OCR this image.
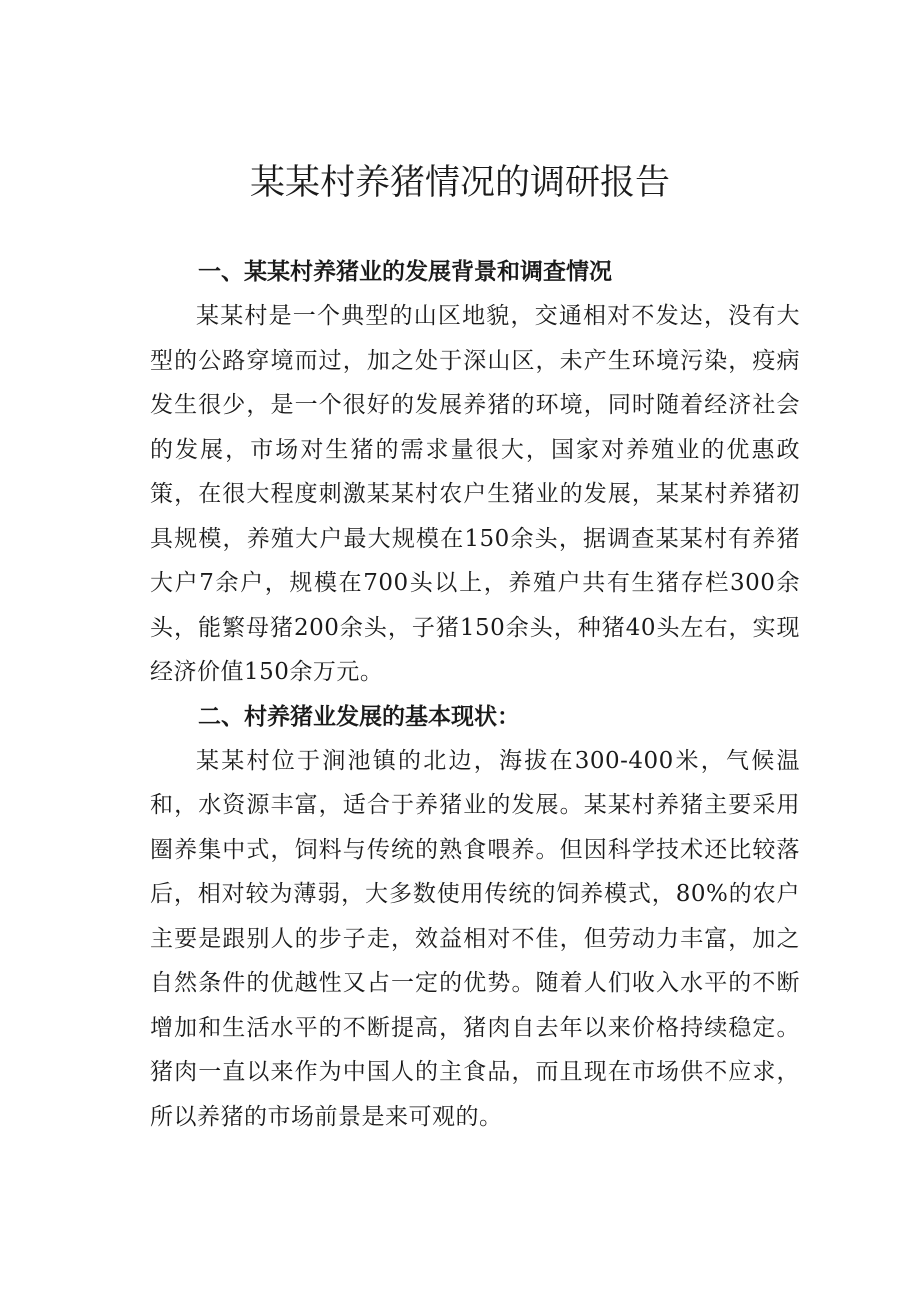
某某村养猪情况的调研报告
一、某某村养猪业的发展背景和调查情况

某某村是一个典型的山区地貌，交通相对不发达，没有大型的公路穿境而过，加之处于深山区，未产生环境污染，疫病发生很少，是一个很好的发展养猪的环境，同时随着经济社会的发展，市场对生猪的需求量很大，国家对养殖业的优惠政策，在很大程度刺激某某村农户生猪业的发展，某某村养猪初具规模，养殖大户最大规模在150余头，据调查某某村有养猪大户7余户，规模在700头以上，养殖户共有生猪存栏300余头，能繁母猪200余头，子猪150余头，种猪40头左右，实现经济价值150余万元。

二、村养猪业发展的基本现状：

某某村位于涧池镇的北边，海拔在300-400米，气候温和，水资源丰富，适合于养猪业的发展。某某村养猪主要采用圈养集中式，饲料与传统的熟食喂养。但因科学技术还比较落后，相对较为薄弱，大多数使用传统的饲养模式，80%的农户主要是跟别人的步子走，效益相对不佳，但劳动力丰富，加之自然条件的优越性又占一定的优势。随着人们收入水平的不断增加和生活水平的不断提高，猪肉自去年以来价格持续稳定。猪肉一直以来作为中国人的主食品，而且现在市场供不应求，所以养猪的市场前景是来可观的。
